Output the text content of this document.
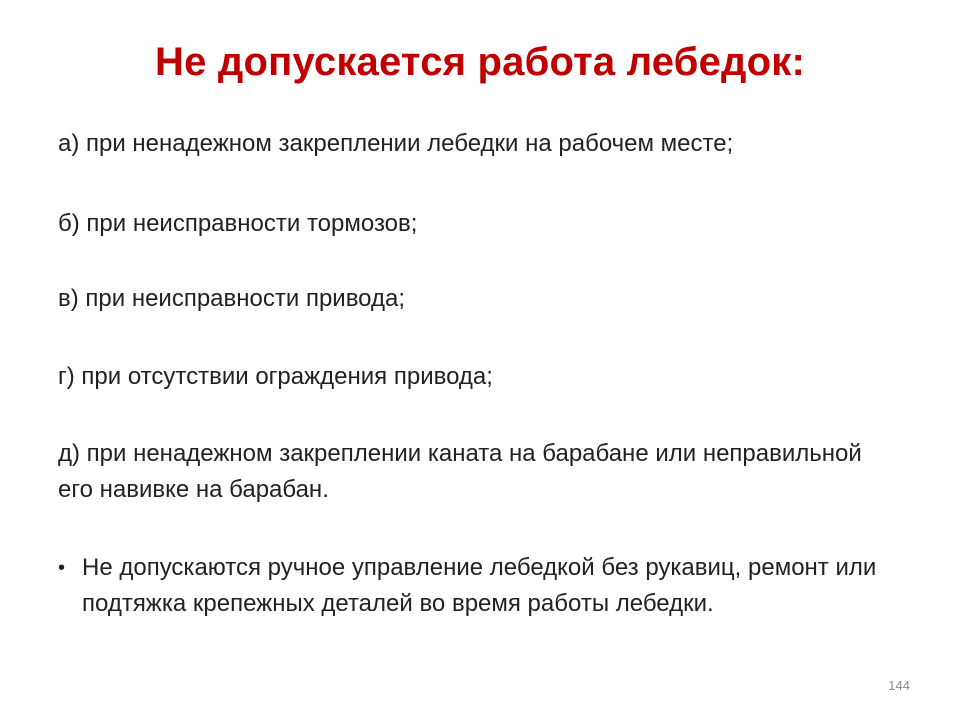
Не допускается работа лебедок:

а) при ненадежном закреплении лебедки на рабочем месте;

б) при неисправности тормозов;

в) при неисправности привода;

г) при отсутствии ограждения привода;

д) при ненадежном закреплении каната на барабане или неправильной его навивке на барабан.

• Не допускаются ручное управление лебедкой без рукавиц, ремонт или подтяжка крепежных деталей во время работы лебедки.
144
